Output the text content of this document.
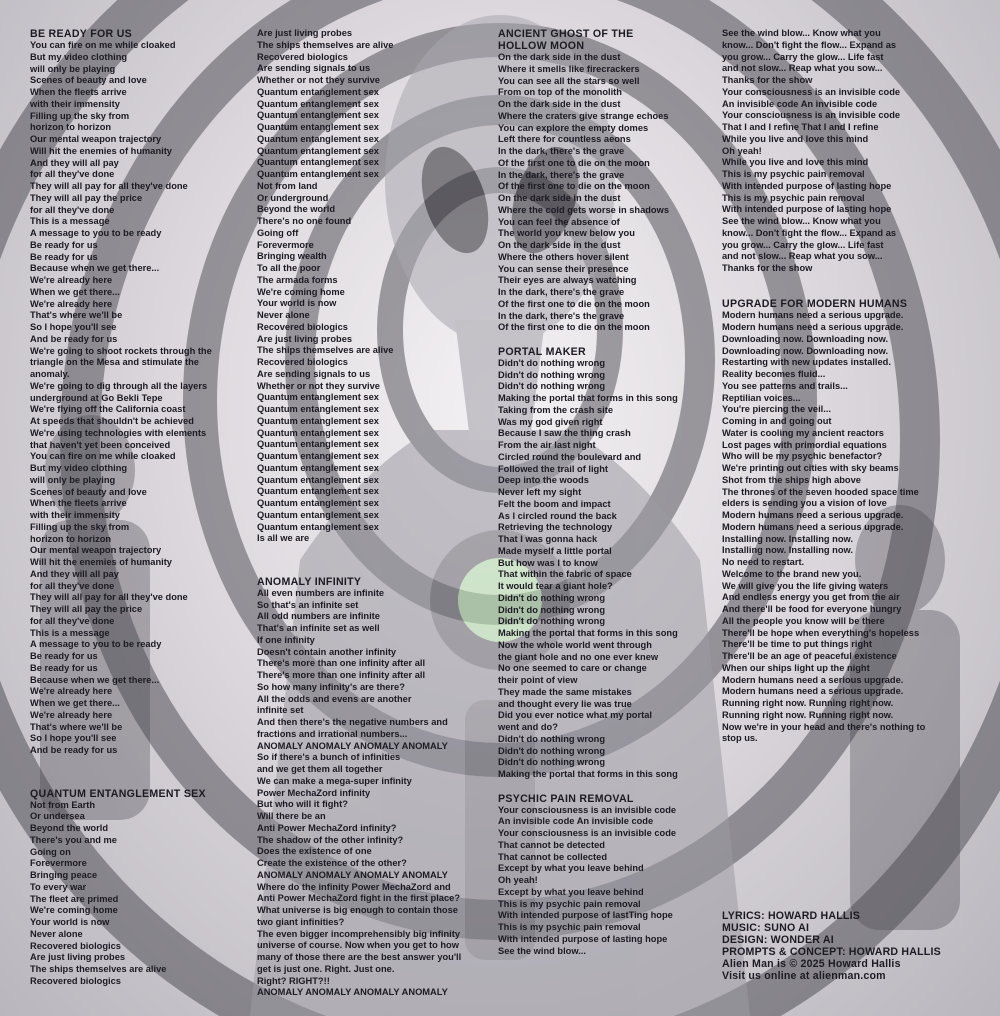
BE READY FOR US
You can fire on me while cloaked
But my video clothing
will only be playing
Scenes of beauty and love
When the fleets arrive
with their immensity
Filling up the sky from
horizon to horizon
Our mental weapon trajectory
Will hit the enemies of humanity
And they will all pay
for all they've done
They will all pay for all they've done
They will all pay the price
for all they've done
This is a message
A message to you to be ready
Be ready for us
Be ready for us
Because when we get there...
We're already here
When we get there...
We're already here
That's where we'll be
So I hope you'll see
And be ready for us
We're going to shoot rockets through the
triangle on the Mesa and stimulate the
anomaly.
We're going to dig through all the layers
underground at Go Bekli Tepe
We're flying off the California coast
At speeds that shouldn't be achieved
We're using technologies with elements
that haven't yet been conceived
You can fire on me while cloaked
But my video clothing
will only be playing
Scenes of beauty and love
When the fleets arrive
with their immensity
Filling up the sky from
horizon to horizon
Our mental weapon trajectory
Will hit the enemies of humanity
And they will all pay
for all they've done
They will all pay for all they've done
They will all pay the price
for all they've done
This is a message
A message to you to be ready
Be ready for us
Be ready for us
Because when we get there...
We're already here
When we get there...
We're already here
That's where we'll be
So I hope you'll see
And be ready for us
QUANTUM ENTANGLEMENT SEX
Not from Earth
Or undersea
Beyond the world
There's you and me
Going on
Forevermore
Bringing peace
To every war
The fleet are primed
We're coming home
Your world is now
Never alone
Recovered biologics
Are just living probes
The ships themselves are alive
Recovered biologics
Are just living probes
The ships themselves are alive
Recovered biologics
Are sending signals to us
Whether or not they survive
Quantum entanglement sex
Quantum entanglement sex
Quantum entanglement sex
Quantum entanglement sex
Quantum entanglement sex
Quantum entanglement sex
Quantum entanglement sex
Quantum entanglement sex
Not from land
Or underground
Beyond the world
There's no one found
Going off
Forevermore
Bringing wealth
To all the poor
The armada forms
We're coming home
Your world is now
Never alone
Recovered biologics
Are just living probes
The ships themselves are alive
Recovered biologics
Are sending signals to us
Whether or not they survive
Quantum entanglement sex
Quantum entanglement sex
Quantum entanglement sex
Quantum entanglement sex
Quantum entanglement sex
Quantum entanglement sex
Quantum entanglement sex
Quantum entanglement sex
Quantum entanglement sex
Quantum entanglement sex
Quantum entanglement sex
Quantum entanglement sex
Is all we are
ANOMALY INFINITY
All even numbers are infinite
So that's an infinite set
All odd numbers are infinite
That's an infinite set as well
If one infinity
Doesn't contain another infinity
There's more than one infinity after all
There's more than one infinity after all
So how many infinity's are there?
All the odds and evens are another
infinite set
And then there's the negative numbers and
fractions and irrational numbers...
ANOMALY ANOMALY ANOMALY ANOMALY
So if there's a bunch of infinities
and we get them all together
We can make a mega-super infinity
Power MechaZord infinity
But who will it fight?
Will there be an
Anti Power MechaZord infinity?
The shadow of the other infinity?
Does the existence of one
Create the existence of the other?
ANOMALY ANOMALY ANOMALY ANOMALY
Where do the infinity Power MechaZord and
Anti Power MechaZord fight in the first place?
What universe is big enough to contain those
two giant infinities?
The even bigger incomprehensibly big infinity
universe of course. Now when you get to how
many of those there are the best answer you'll
get is just one. Right. Just one.
Right? RIGHT?!!
ANOMALY ANOMALY ANOMALY ANOMALY
ANCIENT GHOST OF THE
HOLLOW MOON
On the dark side in the dust
Where it smells like firecrackers
You can see all the stars so well
From on top of the monolith
On the dark side in the dust
Where the craters give strange echoes
You can explore the empty domes
Left there for countless aeons
In the dark, there's the grave
Of the first one to die on the moon
In the dark, there's the grave
Of the first one to die on the moon
On the dark side in the dust
Where the cold gets worse in shadows
You can feel the absence of
The world you knew below you
On the dark side in the dust
Where the others hover silent
You can sense their presence
Their eyes are always watching
In the dark, there's the grave
Of the first one to die on the moon
In the dark, there's the grave
Of the first one to die on the moon
PORTAL MAKER
Didn't do nothing wrong
Didn't do nothing wrong
Didn't do nothing wrong
Making the portal that forms in this song
Taking from the crash site
Was my god given right
Because I saw the thing crash
From the air last night
Circled round the boulevard and
Followed the trail of light
Deep into the woods
Never left my sight
Felt the boom and impact
As I circled round the back
Retrieving the technology
That I was gonna hack
Made myself a little portal
But how was I to know
That within the fabric of space
It would tear a giant hole?
Didn't do nothing wrong
Didn't do nothing wrong
Didn't do nothing wrong
Making the portal that forms in this song
Now the whole world went through
the giant hole and no one ever knew
No one seemed to care or change
their point of view
They made the same mistakes
and thought every lie was true
Did you ever notice what my portal
went and do?
Didn't do nothing wrong
Didn't do nothing wrong
Didn't do nothing wrong
Making the portal that forms in this song
PSYCHIC PAIN REMOVAL
Your consciousness is an invisible code
An invisible code An invisible code
Your consciousness is an invisible code
That cannot be detected
That cannot be collected
Except by what you leave behind
Oh yeah!
Except by what you leave behind
This is my psychic pain removal
With intended purpose of lastTing hope
This is my psychic pain removal
With intended purpose of lasting hope
See the wind blow...
See the wind blow... Know what you
know... Don't fight the flow... Expand as
you grow... Carry the glow... Life fast
and not slow... Reap what you sow...
Thanks for the show
Your consciousness is an invisible code
An invisible code An invisible code
Your consciousness is an invisible code
That I and I refine That I and I refine
While you live and love this mind
Oh yeah!
While you live and love this mind
This is my psychic pain removal
With intended purpose of lasting hope
This is my psychic pain removal
With intended purpose of lasting hope
See the wind blow... Know what you
know... Don't fight the flow... Expand as
you grow... Carry the glow... Life fast
and not slow... Reap what you sow...
Thanks for the show
UPGRADE FOR MODERN HUMANS
Modern humans need a serious upgrade.
Modern humans need a serious upgrade.
Downloading now. Downloading now.
Downloading now. Downloading now.
Restarting with new updates installed.
Reality becomes fluid...
You see patterns and trails...
Reptilian voices...
You're piercing the veil...
Coming in and going out
Water is cooling my ancient reactors
Lost pages with primordial equations
Who will be my psychic benefactor?
We're printing out cities with sky beams
Shot from the ships high above
The thrones of the seven hooded space time
elders is sending you a vision of love
Modern humans need a serious upgrade.
Modern humans need a serious upgrade.
Installing now. Installing now.
Installing now. Installing now.
No need to restart.
Welcome to the brand new you.
We will give you the life giving waters
And endless energy you get from the air
And there'll be food for everyone hungry
All the people you know will be there
There'll be hope when everything's hopeless
There'll be time to put things right
There'll be an age of peaceful existence
When our ships light up the night
Modern humans need a serious upgrade.
Modern humans need a serious upgrade.
Running right now. Running right now.
Running right now. Running right now.
Now we're in your head and there's nothing to
stop us.
LYRICS: HOWARD HALLIS
MUSIC: SUNO AI
DESIGN: WONDER AI
PROMPTS & CONCEPT: HOWARD HALLIS
Alien Man is © 2025 Howard Hallis
Visit us online at alienman.com
